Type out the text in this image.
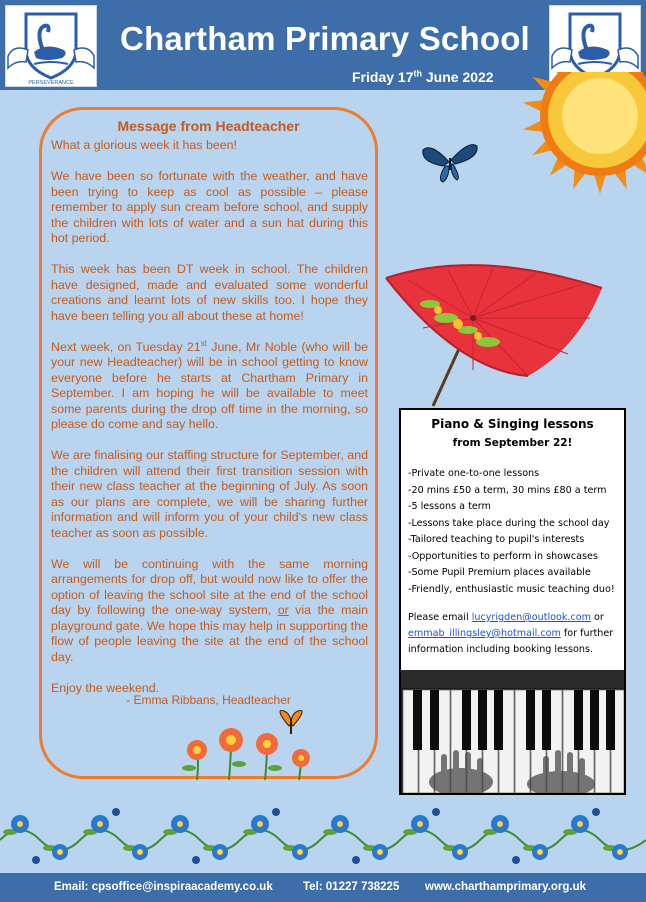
PERSEVERANCE
Chartham Primary School
Friday 17th June 2022
Message from Headteacher

What a glorious week it has been!

We have been so fortunate with the weather, and have been trying to keep as cool as possible – please remember to apply sun cream before school, and supply the children with lots of water and a sun hat during this hot period.

This week has been DT week in school. The children have designed, made and evaluated some wonderful creations and learnt lots of new skills too. I hope they have been telling you all about these at home!

Next week, on Tuesday 21st June, Mr Noble (who will be your new Headteacher) will be in school getting to know everyone before he starts at Chartham Primary in September. I am hoping he will be available to meet some parents during the drop off time in the morning, so please do come and say hello.

We are finalising our staffing structure for September, and the children will attend their first transition session with their new class teacher at the beginning of July. As soon as our plans are complete, we will be sharing further information and will inform you of your child's new class teacher as soon as possible.

We will be continuing with the same morning arrangements for drop off, but would now like to offer the option of leaving the school site at the end of the school day by following the one-way system, or via the main playground gate. We hope this may help in supporting the flow of people leaving the site at the end of the school day.

Enjoy the weekend.

- Emma Ribbans, Headteacher
Piano & Singing lessons
from September 22!
-Private one-to-one lessons
-20 mins £50 a term, 30 mins £80 a term
-5 lessons a term
-Lessons take place during the school day
-Tailored teaching to pupil's interests
-Opportunities to perform in showcases
-Some Pupil Premium places available
-Friendly, enthusiastic music teaching duo!
Please email lucyrigden@outlook.com or
emmab_illingsley@hotmail.com for further information including booking lessons.
Email: cpsoffice@inspiraacademy.co.uk	Tel: 01227 738225 www.charthamprimary.org.uk
